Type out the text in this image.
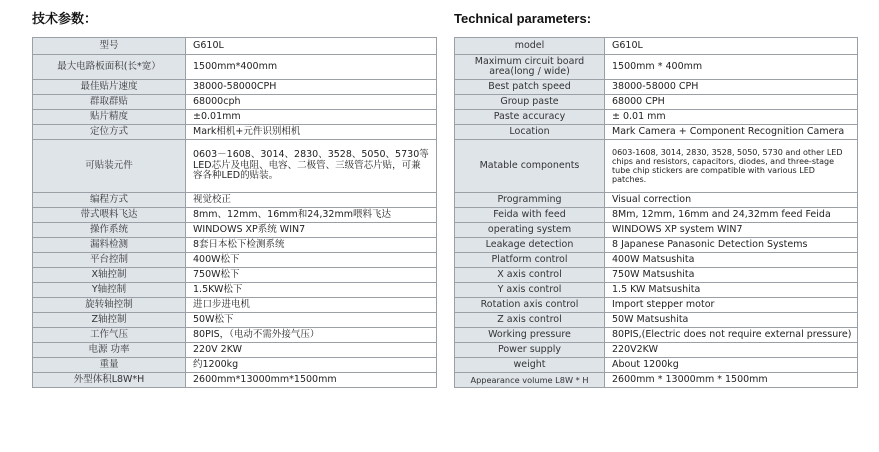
技术参数：
型号	G610L
最大电路板面积(长*宽）	1500mm*400mm
最佳贴片速度	38000-58000CPH
群取群贴	68000cph
贴片精度	±0.01mm
定位方式	Mark相机+元件识别相机
可贴装元件	0603－1608、3014、2830、3528、5050、5730等LED芯片及电阻、电容、二极管、三级管芯片贴，可兼容各种LED的贴装。
编程方式	视觉校正
带式喂料飞达	8mm、12mm、16mm和24,32mm喂料飞达
操作系统	WINDOWS XP系统 WIN7
漏料检测	8套日本松下检测系统
平台控制	400W松下
X轴控制	750W松下
Y轴控制	1.5KW松下
旋转轴控制	进口步进电机
Z轴控制	50W松下
工作气压	80PIS，（电动不需外接气压）
电源 功率	220V 2KW
重量	约1200kg
外型体积L8W*H	2600mm*13000mm*1500mm
Technical parameters:
model	G610L
Maximum circuit board area(long / wide)	1500mm * 400mm
Best patch speed	38000-58000 CPH
Group paste	68000 CPH
Paste accuracy	± 0.01 mm
Location	Mark Camera + Component Recognition Camera
Matable components	0603-1608, 3014, 2830, 3528, 5050, 5730 and other LED chips and resistors, capacitors, diodes, and three-stage tube chip stickers are compatible with various LED patches.
Programming	Visual correction
Feida with feed	8Mm, 12mm, 16mm and 24,32mm feed Feida
operating system	WINDOWS XP system WIN7
Leakage detection	8 Japanese Panasonic Detection Systems
Platform control	400W Matsushita
X axis control	750W Matsushita
Y axis control	1.5 KW Matsushita
Rotation axis control	Import stepper motor
Z axis control	50W Matsushita
Working pressure	80PIS,(Electric does not require external pressure)
Power supply	220V2KW
weight	About 1200kg
Appearance volume L8W * H	2600mm * 13000mm * 1500mm
